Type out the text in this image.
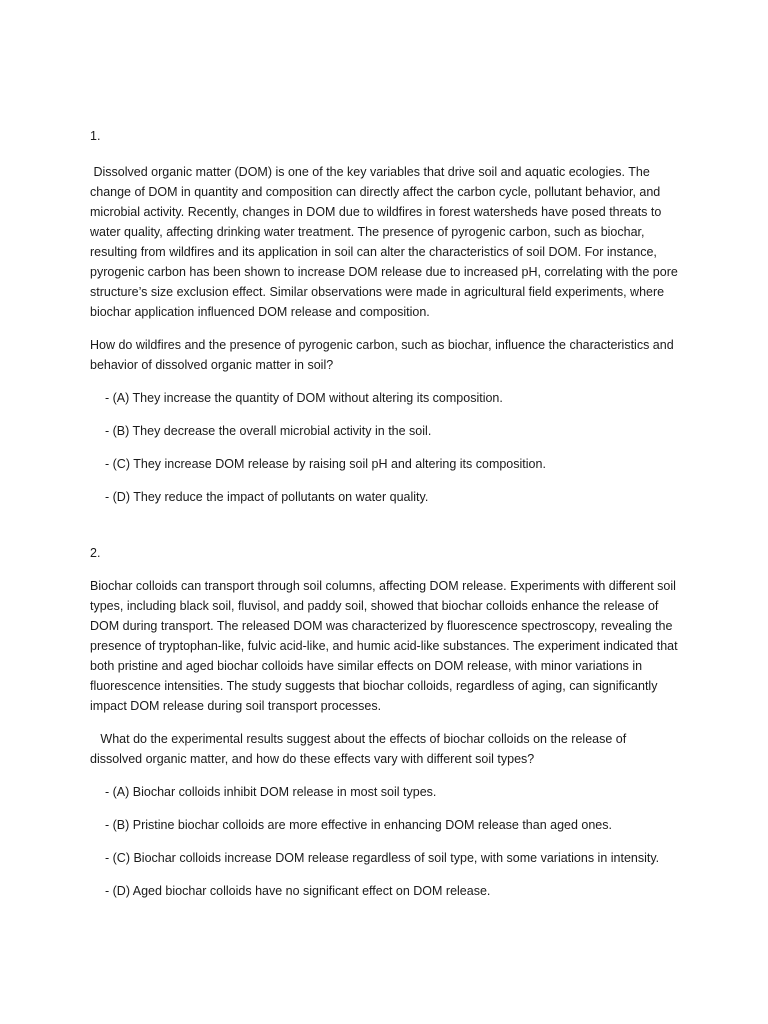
1.

Dissolved organic matter (DOM) is one of the key variables that drive soil and aquatic ecologies. The change of DOM in quantity and composition can directly affect the carbon cycle, pollutant behavior, and microbial activity. Recently, changes in DOM due to wildfires in forest watersheds have posed threats to water quality, affecting drinking water treatment. The presence of pyrogenic carbon, such as biochar, resulting from wildfires and its application in soil can alter the characteristics of soil DOM. For instance, pyrogenic carbon has been shown to increase DOM release due to increased pH, correlating with the pore structure’s size exclusion effect. Similar observations were made in agricultural field experiments, where biochar application influenced DOM release and composition.

How do wildfires and the presence of pyrogenic carbon, such as biochar, influence the characteristics and behavior of dissolved organic matter in soil?

- (A) They increase the quantity of DOM without altering its composition.
- (B) They decrease the overall microbial activity in the soil.
- (C) They increase DOM release by raising soil pH and altering its composition.
- (D) They reduce the impact of pollutants on water quality.

2.

Biochar colloids can transport through soil columns, affecting DOM release. Experiments with different soil types, including black soil, fluvisol, and paddy soil, showed that biochar colloids enhance the release of DOM during transport. The released DOM was characterized by fluorescence spectroscopy, revealing the presence of tryptophan-like, fulvic acid-like, and humic acid-like substances. The experiment indicated that both pristine and aged biochar colloids have similar effects on DOM release, with minor variations in fluorescence intensities. The study suggests that biochar colloids, regardless of aging, can significantly impact DOM release during soil transport processes.

What do the experimental results suggest about the effects of biochar colloids on the release of dissolved organic matter, and how do these effects vary with different soil types?

- (A) Biochar colloids inhibit DOM release in most soil types.
- (B) Pristine biochar colloids are more effective in enhancing DOM release than aged ones.
- (C) Biochar colloids increase DOM release regardless of soil type, with some variations in intensity.
- (D) Aged biochar colloids have no significant effect on DOM release.
